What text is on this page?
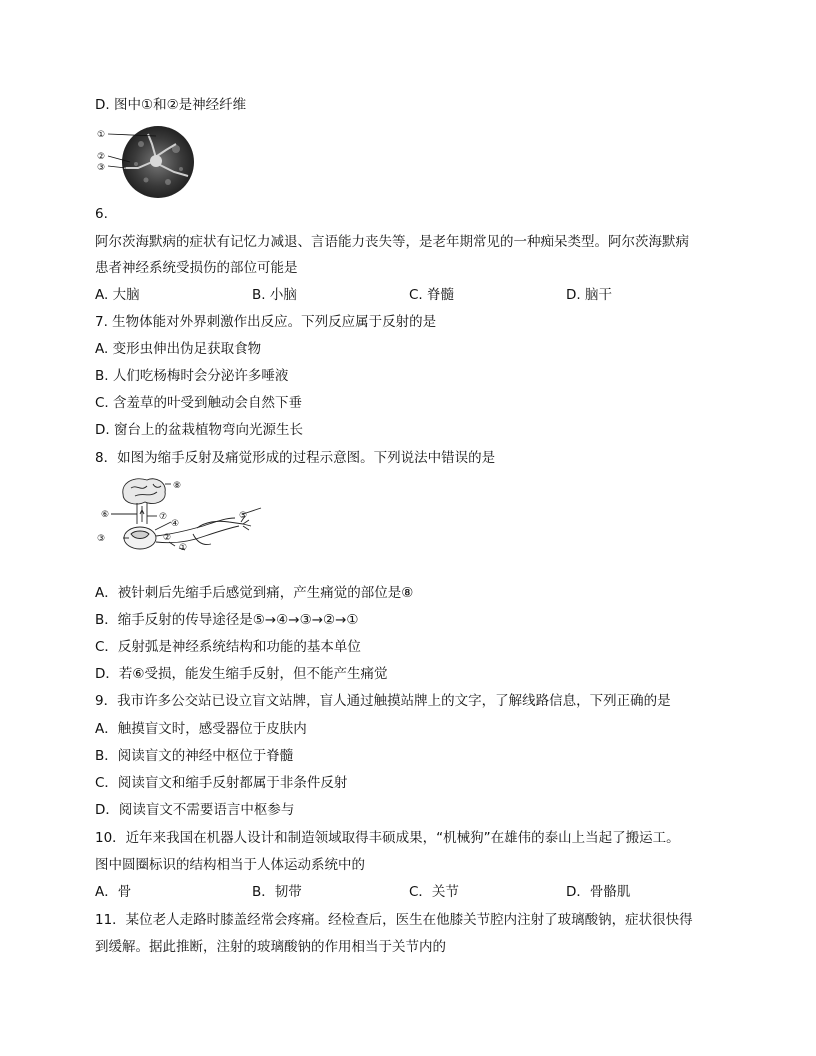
D. 图中①和②是神经纤维
①
②
③
6.
阿尔茨海默病的症状有记忆力减退、言语能力丧失等，是老年期常见的一种痴呆类型。阿尔茨海默病
患者神经系统受损伤的部位可能是
A. 大脑	B. 小脑	C. 脊髓	D. 脑干
7. 生物体能对外界刺激作出反应。下列反应属于反射的是
A. 变形虫伸出伪足获取食物
B. 人们吃杨梅时会分泌许多唾液
C. 含羞草的叶受到触动会自然下垂
D. 窗台上的盆栽植物弯向光源生长
8．如图为缩手反射及痛觉形成的过程示意图。下列说法中错误的是
⑧
⑥	⑦
④
⑤
③	②
①
A．被针刺后先缩手后感觉到痛，产生痛觉的部位是⑧
B．缩手反射的传导途径是⑤→④→③→②→①
C．反射弧是神经系统结构和功能的基本单位
D．若⑥受损，能发生缩手反射，但不能产生痛觉
9．我市许多公交站已设立盲文站牌，盲人通过触摸站牌上的文字，了解线路信息，下列正确的是
A．触摸盲文时，感受器位于皮肤内
B．阅读盲文的神经中枢位于脊髓
C．阅读盲文和缩手反射都属于非条件反射
D．阅读盲文不需要语言中枢参与
10．近年来我国在机器人设计和制造领域取得丰硕成果，“机械狗”在雄伟的泰山上当起了搬运工。
图中圆圈标识的结构相当于人体运动系统中的
A．骨	B．韧带	C．关节	D．骨骼肌
11．某位老人走路时膝盖经常会疼痛。经检查后，医生在他膝关节腔内注射了玻璃酸钠，症状很快得
到缓解。据此推断，注射的玻璃酸钠的作用相当于关节内的
